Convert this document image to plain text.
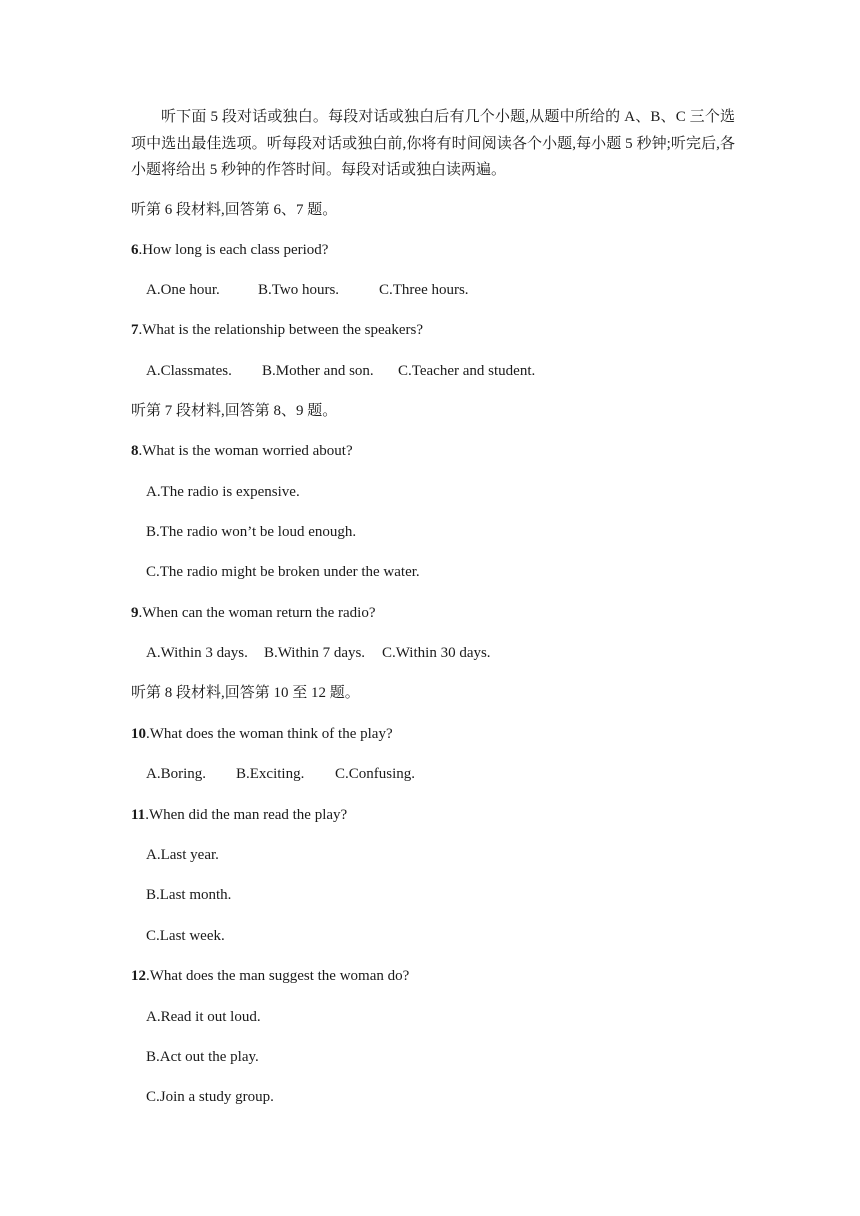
听下面 5 段对话或独白。每段对话或独白后有几个小题,从题中所给的 A、B、C 三个选项中选出最佳选项。听每段对话或独白前,你将有时间阅读各个小题,每小题 5 秒钟;听完后,各小题将给出 5 秒钟的作答时间。每段对话或独白读两遍。

听第 6 段材料,回答第 6、7 题。

6.How long is each class period?

A.One hour.	B.Two hours.	C.Three hours.

7.What is the relationship between the speakers?

A.Classmates. B.Mother and son. C.Teacher and student.

听第 7 段材料,回答第 8、9 题。

8.What is the woman worried about?

A.The radio is expensive.

B.The radio won’t be loud enough.

C.The radio might be broken under the water.

9.When can the woman return the radio?

A.Within 3 days. B.Within 7 days. C.Within 30 days.

听第 8 段材料,回答第 10 至 12 题。

10.What does the woman think of the play?

A.Boring. B.Exciting. C.Confusing.

11.When did the man read the play?

A.Last year.

B.Last month.

C.Last week.

12.What does the man suggest the woman do?

A.Read it out loud.

B.Act out the play.

C.Join a study group.
